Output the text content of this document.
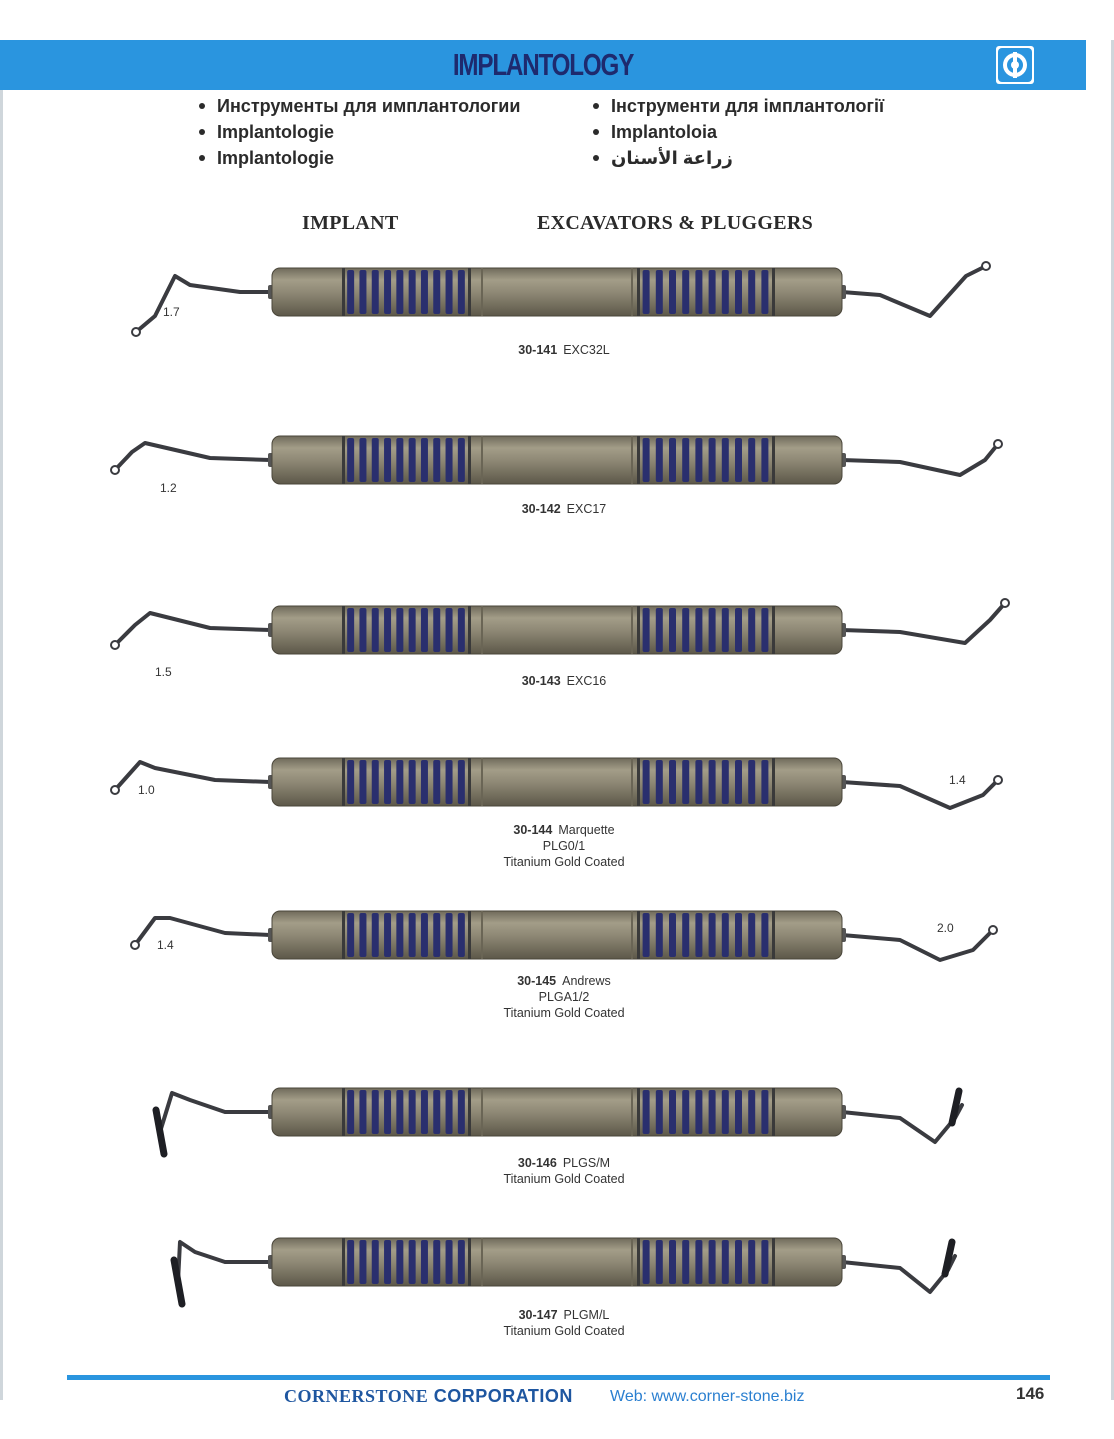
IMPLANTOLOGY
Инструменты для имплантологии
Implantologie
Implantologie
Інструменти для імплантології
Implantoloia
زراعة الأسنان
IMPLANT	EXCAVATORS & PLUGGERS
1.7
30-141 EXC32L
1.2
30-142 EXC17
1.5
30-143 EXC16
1.0
1.4
30-144 Marquette
PLG0/1
Titanium Gold Coated
1.4
2.0
30-145 Andrews
PLGA1/2
Titanium Gold Coated
30-146 PLGS/M
Titanium Gold Coated
30-147 PLGM/L
Titanium Gold Coated
CORNERSTONE CORPORATION Web: www.corner-stone.biz	146
